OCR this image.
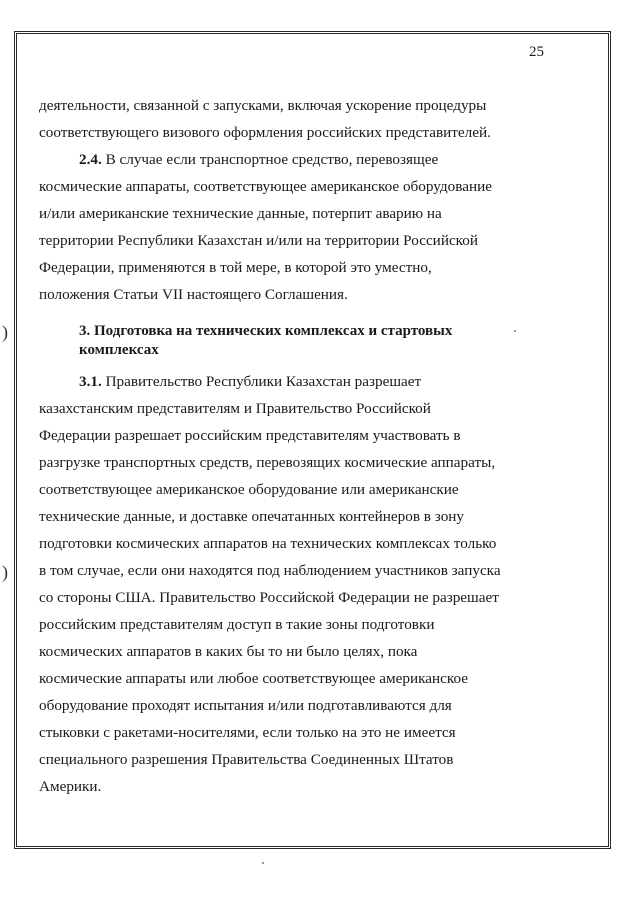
25
)
)
деятельности, связанной с запусками, включая ускорение процедуры
соответствующего визового оформления российских представителей.
2.4. В случае если транспортное средство, перевозящее
космические аппараты, соответствующее американское оборудование
и/или американские технические данные, потерпит аварию на
территории Республики Казахстан и/или на территории Российской
Федерации, применяются в той мере, в которой это уместно,
положения Статьи VII настоящего Соглашения.
3. Подготовка на технических комплексах и стартовых
комплексах
3.1. Правительство Республики Казахстан разрешает
казахстанским представителям и Правительство Российской
Федерации разрешает российским представителям участвовать в
разгрузке транспортных средств, перевозящих космические аппараты,
соответствующее американское оборудование или американские
технические данные, и доставке опечатанных контейнеров в зону
подготовки космических аппаратов на технических комплексах только
в том случае, если они находятся под наблюдением участников запуска
со стороны США. Правительство Российской Федерации не разрешает
российским представителям доступ в такие зоны подготовки
космических аппаратов в каких бы то ни было целях, пока
космические аппараты или любое соответствующее американское
оборудование проходят испытания и/или подготавливаются для
стыковки с ракетами-носителями, если только на это не имеется
специального разрешения Правительства Соединенных Штатов
Америки.
